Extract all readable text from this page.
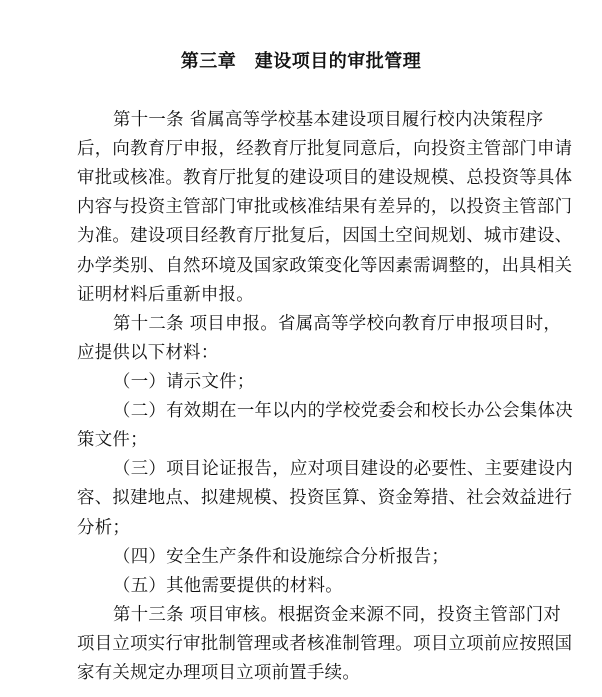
第三章　建设项目的审批管理
第十一条 省属高等学校基本建设项目履行校内决策程序
后，向教育厅申报，经教育厅批复同意后，向投资主管部门申请
审批或核准。教育厅批复的建设项目的建设规模、总投资等具体
内容与投资主管部门审批或核准结果有差异的，以投资主管部门
为准。建设项目经教育厅批复后，因国土空间规划、城市建设、
办学类别、自然环境及国家政策变化等因素需调整的，出具相关
证明材料后重新申报。
第十二条 项目申报。省属高等学校向教育厅申报项目时，
应提供以下材料：
（一）请示文件；
（二）有效期在一年以内的学校党委会和校长办公会集体决
策文件；
（三）项目论证报告，应对项目建设的必要性、主要建设内
容、拟建地点、拟建规模、投资匡算、资金筹措、社会效益进行
分析；
（四）安全生产条件和设施综合分析报告；
（五）其他需要提供的材料。
第十三条 项目审核。根据资金来源不同，投资主管部门对
项目立项实行审批制管理或者核准制管理。项目立项前应按照国
家有关规定办理项目立项前置手续。
